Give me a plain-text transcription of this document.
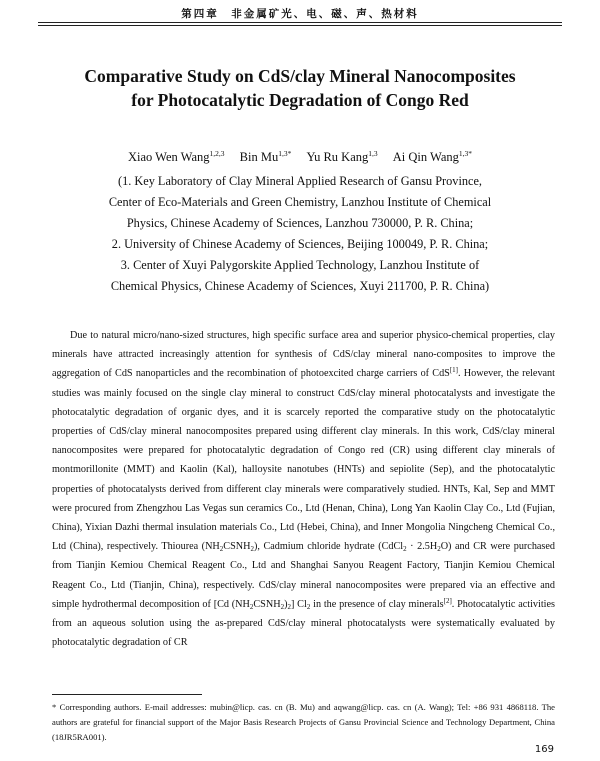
第四章　非金属矿光、电、磁、声、热材料
Comparative Study on CdS/clay Mineral Nanocomposites
for Photocatalytic Degradation of Congo Red
Xiao Wen Wang$^{1,2,3}$ Bin $Mu^{1,3*}$ Yu Ru Kang$^{1,3}$ Ai Qin Wang$^{1,3*}$
(1. Key Laboratory of Clay Mineral Applied Research of Gansu Province,
Center of Eco-Materials and Green Chemistry, Lanzhou Institute of Chemical
Physics, Chinese Academy of Sciences, Lanzhou 730000, P. R. China;
2. University of Chinese Academy of Sciences, Beijing 100049, P. R. China;
3. Center of Xuyi Palygorskite Applied Technology, Lanzhou Institute of
Chemical Physics, Chinese Academy of Sciences, Xuyi 211700, P. R. China)
Due to natural micro/nano-sized structures, high specific surface area and superior physico-chemical properties, clay minerals have attracted increasingly attention for synthesis of CdS/clay mineral nano-composites to improve the aggregation of CdS nanoparticles and the recombination of photoexcited charge carriers of CdS[1]. However, the relevant studies was mainly focused on the single clay mineral to construct CdS/clay mineral photocatalysts and investigate the photocatalytic degradation of organic dyes, and it is scarcely reported the comparative study on the photocatalytic properties of CdS/clay mineral nanocomposites prepared using different clay minerals. In this work, CdS/clay mineral nanocomposites were prepared for photocatalytic degradation of Congo red (CR) using different clay minerals of montmorillonite (MMT) and Kaolin (Kal), halloysite nanotubes (HNTs) and sepiolite (Sep), and the photocatalytic properties of photocatalysts derived from different clay minerals were comparatively studied. HNTs, Kal, Sep and MMT were procured from Zhengzhou Las Vegas sun ceramics Co., Ltd (Henan, China), Long Yan Kaolin Clay Co., Ltd (Fujian, China), Yixian Dazhi thermal insulation materials Co., Ltd (Hebei, China), and Inner Mongolia Ningcheng Chemical Co., Ltd (China), respectively. Thiourea $(NH_2CSNH_2)$, Cadmium chloride hydrate (CdCl$_2$ · $2.5H_2O$) and CR were purchased from Tianjin Kemiou Chemical Reagent Co., Ltd and Shanghai Sanyou Reagent Factory, Tianjin Kemiou Chemical Reagent Co., Ltd (Tianjin, China), respectively. CdS/clay mineral nanocomposites were prepared via an effective and simple hydrothermal decomposition of [Cd $(NH_2CSNH_2)_2$] $Cl_2$ in the presence of clay minerals[2]. Photocatalytic activities from an aqueous solution using the as-prepared CdS/clay mineral photocatalysts were systematically evaluated by photocatalytic degradation of CR
* Corresponding authors. E-mail addresses: mubin@licp. cas. cn (B. Mu) and aqwang@licp. cas. cn (A. Wang); Tel: +86 931 4868118. The authors are grateful for financial support of the Major Basis Research Projects of Gansu Provincial Science and Technology Department, China (18JR5RA001).
169
